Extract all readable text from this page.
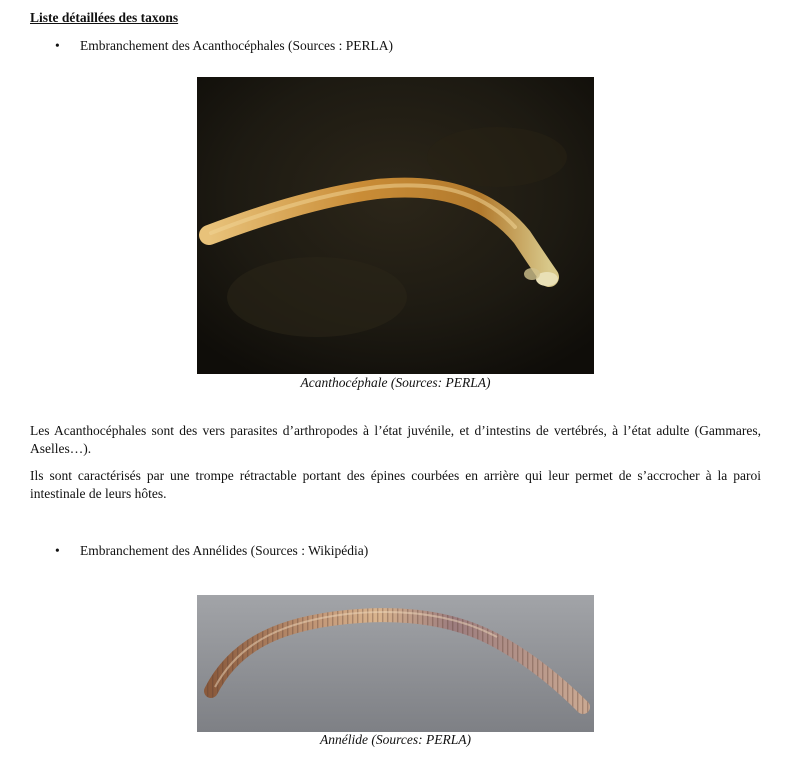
Liste détaillées des taxons
• Embranchement des Acanthocéphales (Sources : PERLA)
Acanthocéphale (Sources: PERLA)

Les Acanthocéphales sont des vers parasites d’arthropodes à l’état juvénile, et d’intestins de vertébrés, à l’état adulte (Gammares, Aselles…).

Ils sont caractérisés par une trompe rétractable portant des épines courbées en arrière qui leur permet de s’accrocher à la paroi intestinale de leurs hôtes.

• Embranchement des Annélides (Sources : Wikipédia)
Annélide (Sources: PERLA)
